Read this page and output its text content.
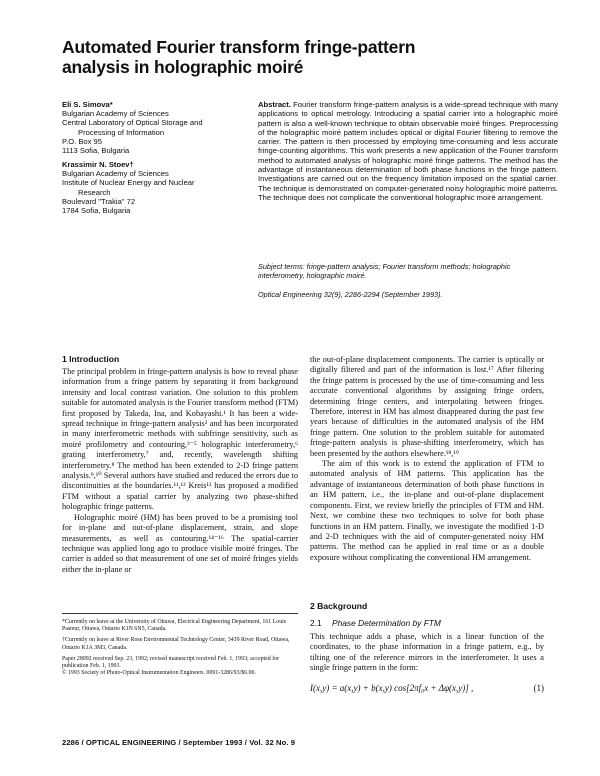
Automated Fourier transform fringe-pattern
analysis in holographic moiré
Eli S. Simova*
Bulgarian Academy of Sciences
Central Laboratory of Optical Storage and
Processing of Information
P.O. Box 95
1113 Sofia, Bulgaria
Krassimir N. Stoev†
Bulgarian Academy of Sciences
Institute of Nuclear Energy and Nuclear
Research
Boulevard "Trakia" 72
1784 Sofia, Bulgaria
Abstract. Fourier transform fringe-pattern analysis is a wide-spread technique with many applications to optical metrology. Introducing a spatial carrier into a holographic moiré pattern is also a well-known technique to obtain observable moiré fringes. Preprocessing of the holographic moiré pattern includes optical or digital Fourier filtering to remove the carrier. The pattern is then processed by employing time-consuming and less accurate fringe-counting algorithms. This work presents a new application of the Fourier transform method to automated analysis of holographic moiré fringe patterns. The method has the advantage of instantaneous determination of both phase functions in the fringe pattern. Investigations are carried out on the frequency limitation imposed on the spatial carrier. The technique is demonstrated on computer-generated noisy holographic moiré patterns. The technique does not complicate the conventional holographic moiré arrangement.
Subject terms: fringe-pattern analysis; Fourier transform methods; holographic interferometry, holographic moiré.
Optical Engineering 32(9), 2286-2294 (September 1993).
1 Introduction

The principal problem in fringe-pattern analysis is how to reveal phase information from a fringe pattern by separating it from background intensity and local contrast variation. One solution to this problem suitable for automated analysis is the Fourier transform method (FTM) first proposed by Takeda, Ina, and Kobayashi.¹ It has been a wide-spread technique in fringe-pattern analysis² and has been incorporated in many interferometric methods with subfringe sensitivity, such as moiré profilometry and contouring,³⁻⁵ holographic interferometry,⁶ grating interferometry,⁷ and, recently, wavelength shifting interferometry.⁸ The method has been extended to 2-D fringe pattern analysis.⁹,¹⁰ Several authors have studied and reduced the errors due to discontinuities at the boundaries.¹¹,¹² Kreis¹³ has proposed a modified FTM without a spatial carrier by analyzing two phase-shifted holographic fringe patterns.

Holographic moiré (HM) has been proved to be a promising tool for in-plane and out-of-plane displacement, strain, and slope measurements, as well as contouring.¹⁴⁻¹⁶ The spatial-carrier technique was applied long ago to produce visible moiré fringes. The carrier is added so that measurement of one set of moiré fringes yields either the in-plane or

*Currently on leave at the University of Ottawa, Electrical Engineering Department, 161 Louis Pasteur, Ottawa, Ontario K1N 6N5, Canada.
†Currently on leave at River Rose Environmental Technology Center, 3439 River Road, Ottawa, Ontario K1A 3M3, Canada.
Paper 28092 received Sep. 23, 1992; revised manuscript received Feb. 1, 1993; accepted for publication Feb. 1, 1993.
© 1993 Society of Photo-Optical Instrumentation Engineers. 0091-3286/93/$6.00.

the out-of-plane displacement components. The carrier is optically or digitally filtered and part of the information is lost.¹⁷ After filtering the fringe pattern is processed by the use of time-consuming and less accurate conventional algorithms by assigning fringe orders, determining fringe centers, and interpolating between fringes. Therefore, interest in HM has almost disappeared during the past few years because of difficulties in the automated analysis of the HM fringe pattern. One solution to the problem suitable for automated fringe-pattern analysis is phase-shifting interferometry, which has been presented by the authors elsewhere.¹⁸,¹⁹

The aim of this work is to extend the application of FTM to automated analysis of HM patterns. This application has the advantage of instantaneous determination of both phase functions in an HM pattern, i.e., the in-plane and out-of-plane displacement components. First, we review briefly the principles of FTM and HM. Next, we combine these two techniques to solve for both phase functions in an HM pattern. Finally, we investigate the modified 1-D and 2-D techniques with the aid of computer-generated noisy HM patterns. The method can be applied in real time or as a double exposure without complicating the conventional HM arrangement.

2 Background
2.1 Phase Determination by FTM

This technique adds a phase, which is a linear function of the coordinates, to the phase information in a fringe pattern, e.g., by tilting one of the reference mirrors in the interferometer. It uses a single fringe pattern in the form:

I(x,y) = a(x,y) + b(x,y) cos[2πf₀x + Δφ(x,y)] ,	(1)
2286 / OPTICAL ENGINEERING / September 1993 / Vol. 32 No. 9
